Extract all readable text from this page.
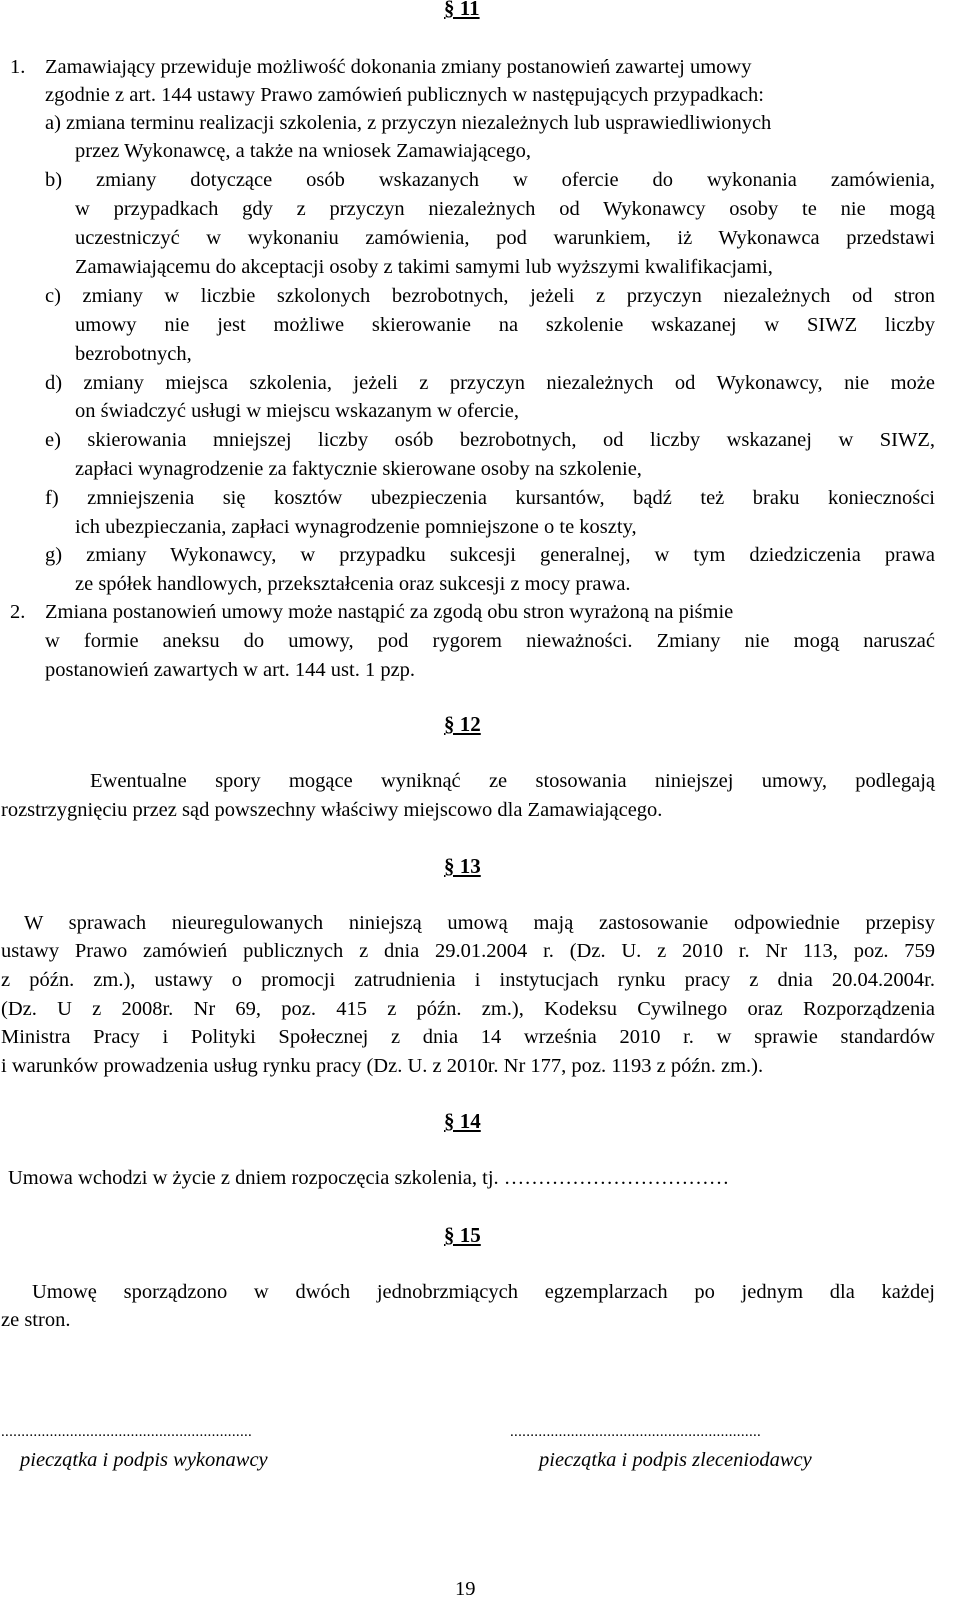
§ 11
1. Zamawiający przewiduje możliwość dokonania zmiany postanowień zawartej umowy
zgodnie z art. 144 ustawy Prawo zamówień publicznych w następujących przypadkach:
a) zmiana terminu realizacji szkolenia, z przyczyn niezależnych lub usprawiedliwionych
przez Wykonawcę, a także na wniosek Zamawiającego,
b) zmiany dotyczące osób wskazanych w ofercie do wykonania zamówienia,
w przypadkach gdy z przyczyn niezależnych od Wykonawcy osoby te nie mogą
uczestniczyć w wykonaniu zamówienia, pod warunkiem, iż Wykonawca przedstawi
Zamawiającemu do akceptacji osoby z takimi samymi lub wyższymi kwalifikacjami,
c) zmiany w liczbie szkolonych bezrobotnych, jeżeli z przyczyn niezależnych od stron
umowy nie jest możliwe skierowanie na szkolenie wskazanej w SIWZ liczby
bezrobotnych,
d) zmiany miejsca szkolenia, jeżeli z przyczyn niezależnych od Wykonawcy, nie może
on świadczyć usługi w miejscu wskazanym w ofercie,
e) skierowania mniejszej liczby osób bezrobotnych, od liczby wskazanej w SIWZ,
zapłaci wynagrodzenie za faktycznie skierowane osoby na szkolenie,
f) zmniejszenia się kosztów ubezpieczenia kursantów, bądź też braku konieczności
ich ubezpieczania, zapłaci wynagrodzenie pomniejszone o te koszty,
g) zmiany Wykonawcy, w przypadku sukcesji generalnej, w tym dziedziczenia prawa
ze spółek handlowych, przekształcenia oraz sukcesji z mocy prawa.
2. Zmiana postanowień umowy może nastąpić za zgodą obu stron wyrażoną na piśmie
w formie aneksu do umowy, pod rygorem nieważności. Zmiany nie mogą naruszać
postanowień zawartych w art. 144 ust. 1 pzp.
§ 12
Ewentualne spory mogące wyniknąć ze stosowania niniejszej umowy, podlegają
rozstrzygnięciu przez sąd powszechny właściwy miejscowo dla Zamawiającego.
§ 13
W sprawach nieuregulowanych niniejszą umową mają zastosowanie odpowiednie przepisy
ustawy Prawo zamówień publicznych z dnia 29.01.2004 r. (Dz. U. z 2010 r. Nr 113, poz. 759
z późn. zm.), ustawy o promocji zatrudnienia i instytucjach rynku pracy z dnia 20.04.2004r.
(Dz. U z 2008r. Nr 69, poz. 415 z późn. zm.), Kodeksu Cywilnego oraz Rozporządzenia
Ministra Pracy i Polityki Społecznej z dnia 14 września 2010 r. w sprawie standardów
i warunków prowadzenia usług rynku pracy (Dz. U. z 2010r. Nr 177, poz. 1193 z późn. zm.).
§ 14
Umowa wchodzi w życie z dniem rozpoczęcia szkolenia, tj. ……………………………
§ 15
Umowę sporządzono w dwóch jednobrzmiących egzemplarzach po jednym dla każdej
ze stron.
..............................................................	..............................................................
pieczątka i podpis wykonawcy	pieczątka i podpis zleceniodawcy
19
